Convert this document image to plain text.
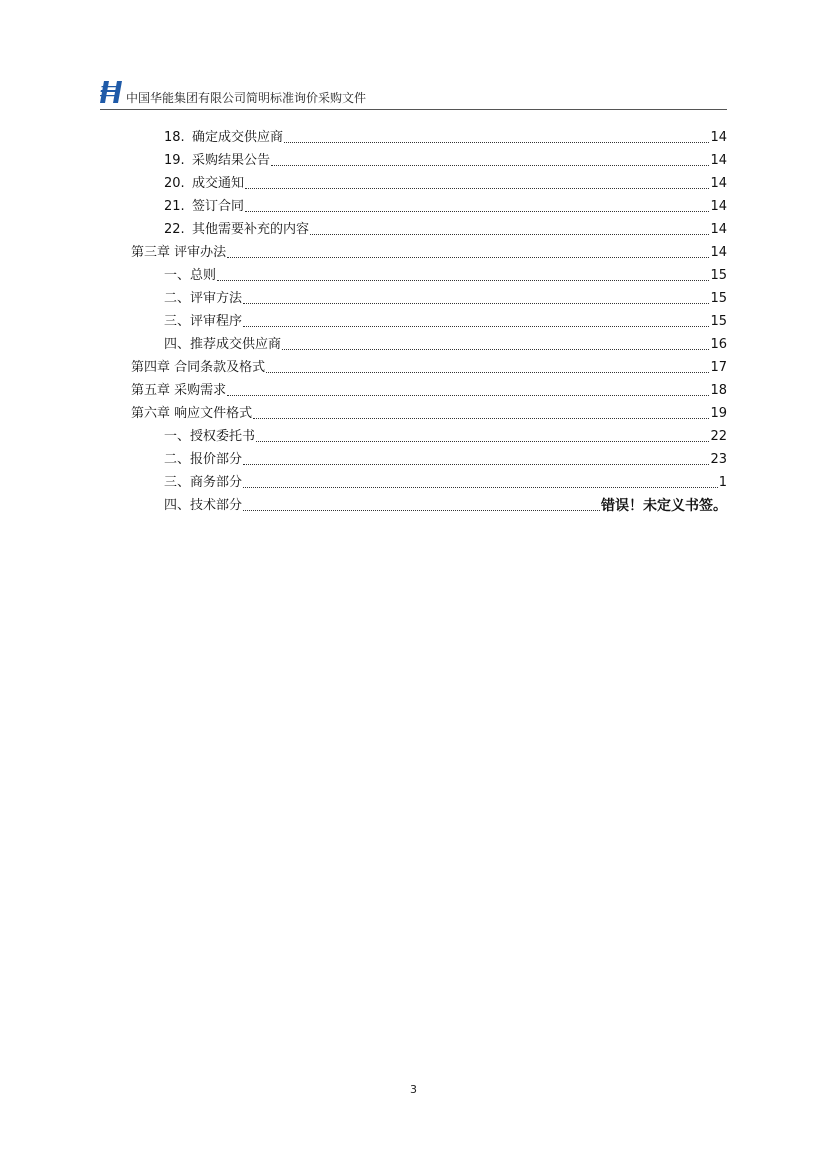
中国华能集团有限公司简明标准询价采购文件
18. 确定成交供应商	14
19. 采购结果公告	14
20. 成交通知	14
21. 签订合同	14
22. 其他需要补充的内容	14
第三章 评审办法	14
一、总则	15
二、评审方法	15
三、评审程序	15
四、推荐成交供应商	16
第四章 合同条款及格式	17
第五章 采购需求	18
第六章 响应文件格式	19
一、授权委托书	22
二、报价部分	23
三、商务部分	1
四、技术部分	错误！未定义书签。
3
